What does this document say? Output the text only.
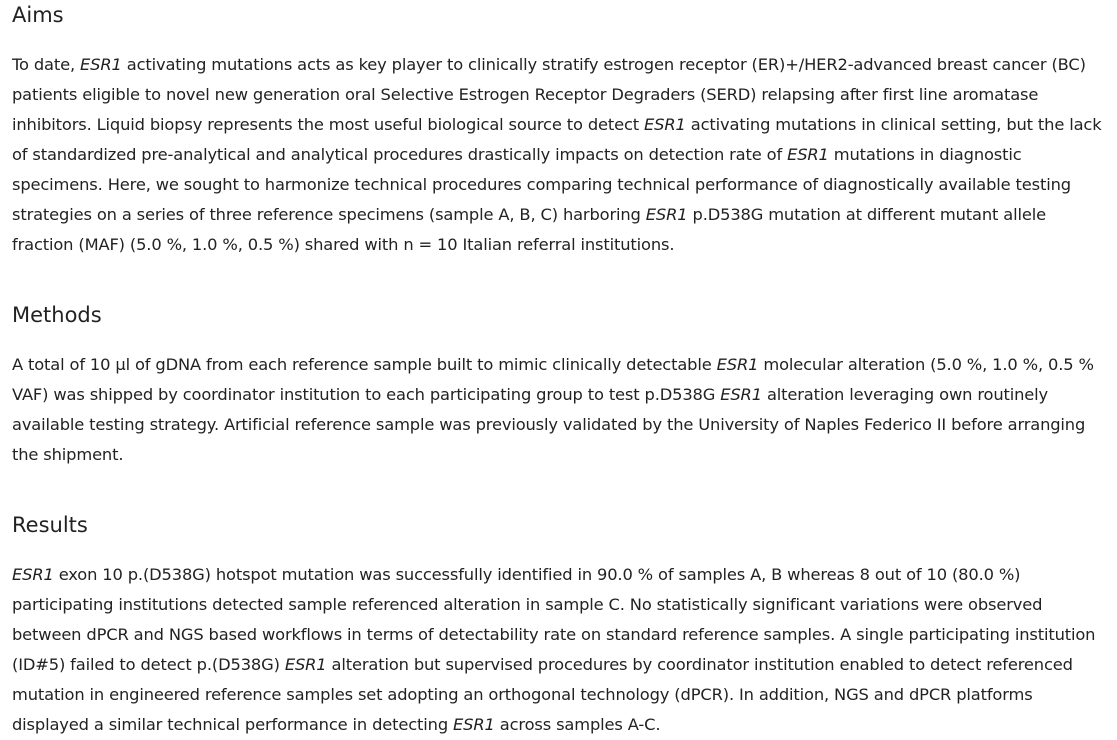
Aims

To date, ESR1 activating mutations acts as key player to clinically stratify estrogen receptor (ER)+/HER2-advanced breast cancer (BC) patients eligible to novel new generation oral Selective Estrogen Receptor Degraders (SERD) relapsing after first line aromatase inhibitors. Liquid biopsy represents the most useful biological source to detect ESR1 activating mutations in clinical setting, but the lack of standardized pre-analytical and analytical procedures drastically impacts on detection rate of ESR1 mutations in diagnostic specimens. Here, we sought to harmonize technical procedures comparing technical performance of diagnostically available testing strategies on a series of three reference specimens (sample A, B, C) harboring ESR1 p.D538G mutation at different mutant allele fraction (MAF) (5.0 %, 1.0 %, 0.5 %) shared with n = 10 Italian referral institutions.

Methods

A total of 10 µl of gDNA from each reference sample built to mimic clinically detectable ESR1 molecular alteration (5.0 %, 1.0 %, 0.5 % VAF) was shipped by coordinator institution to each participating group to test p.D538G ESR1 alteration leveraging own routinely available testing strategy. Artificial reference sample was previously validated by the University of Naples Federico II before arranging the shipment.

Results

ESR1 exon 10 p.(D538G) hotspot mutation was successfully identified in 90.0 % of samples A, B whereas 8 out of 10 (80.0 %) participating institutions detected sample referenced alteration in sample C. No statistically significant variations were observed between dPCR and NGS based workflows in terms of detectability rate on standard reference samples. A single participating institution (ID#5) failed to detect p.(D538G) ESR1 alteration but supervised procedures by coordinator institution enabled to detect referenced mutation in engineered reference samples set adopting an orthogonal technology (dPCR). In addition, NGS and dPCR platforms displayed a similar technical performance in detecting ESR1 across samples A-C.
